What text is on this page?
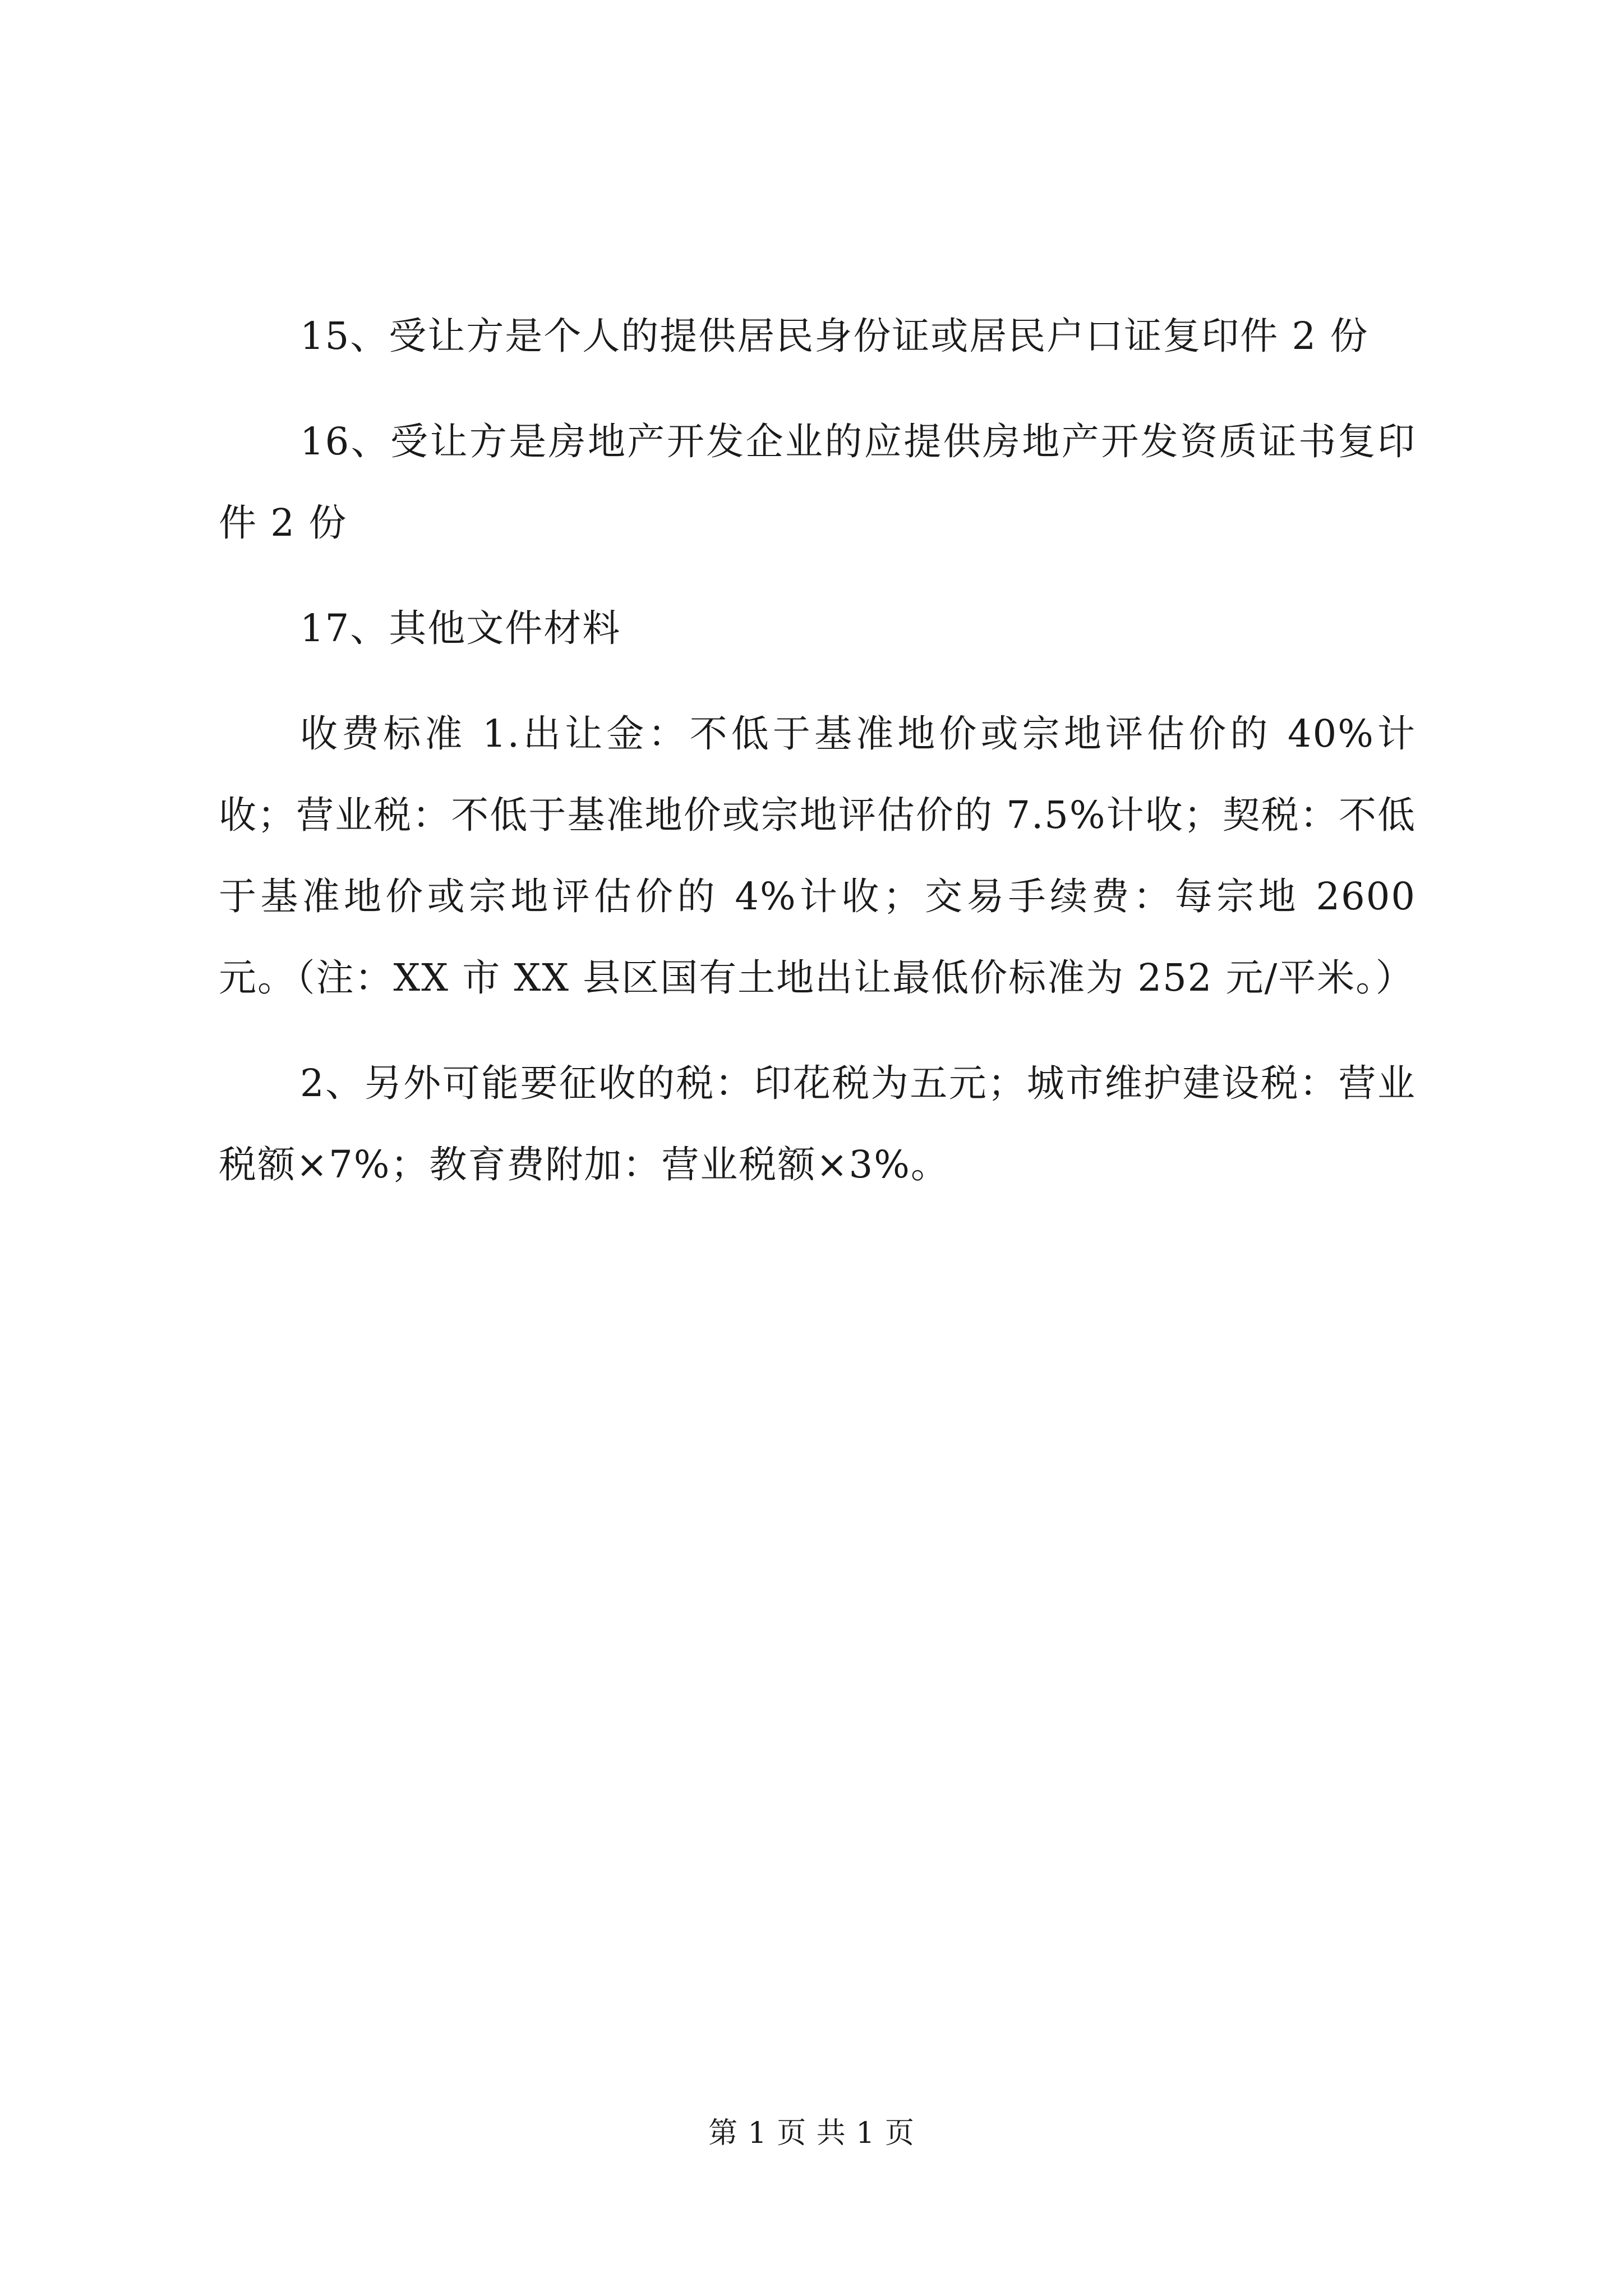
15、受让方是个人的提供居民身份证或居民户口证复印件 2 份

16、受让方是房地产开发企业的应提供房地产开发资质证书复印件 2 份

17、其他文件材料

收费标准 1.出让金：不低于基准地价或宗地评估价的 40%计收；营业税：不低于基准地价或宗地评估价的 7.5%计收；契税：不低于基准地价或宗地评估价的 4%计收；交易手续费：每宗地 2600 元。（注：XX 市 XX 县区国有土地出让最低价标准为 252 元/平米。）

2、另外可能要征收的税：印花税为五元；城市维护建设税：营业税额×7%；教育费附加：营业税额×3%。

第 1 页 共 1 页
